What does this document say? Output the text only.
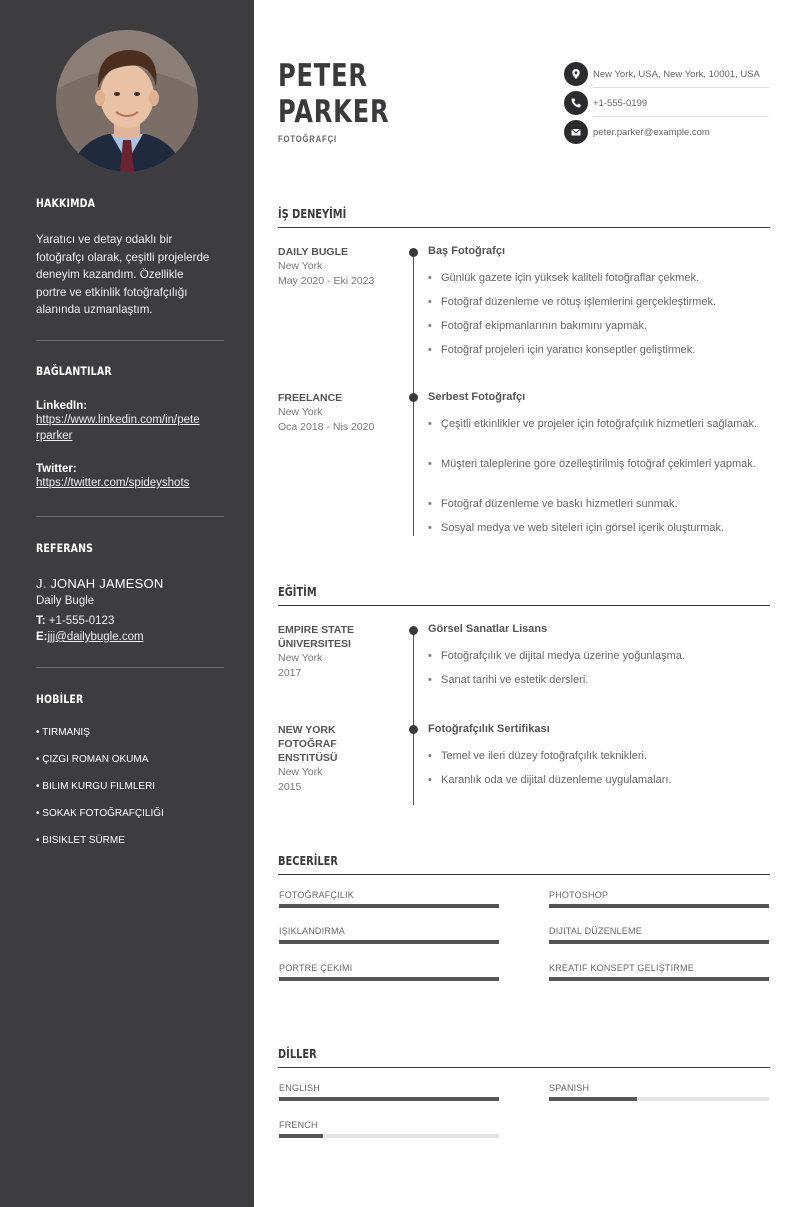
HAKKIMDA
Yaratıcı ve detay odaklı bir
fotoğrafçı olarak, çeşitli projelerde
deneyim kazandım. Özellikle
portre ve etkinlik fotoğrafçılığı
alanında uzmanlaştım.
BAĞLANTILAR
LinkedIn:
https://www.linkedin.com/in/pete
rparker
Twitter:
https://twitter.com/spideyshots
REFERANS
J. JONAH JAMESON
Daily Bugle
T: +1-555-0123
E:jjj@dailybugle.com
HOBİLER
• TIRMANIŞ
• ÇIZGI ROMAN OKUMA
• BILIM KURGU FILMLERI
• SOKAK FOTOĞRAFÇILIĞI
• BISIKLET SÜRME
PETER
PARKER
FOTOĞRAFÇI
New York, USA, New York, 10001, USA
+1-555-0199
peter.parker@example.com
İŞ DENEYİMİ
DAILY BUGLE
New York
May 2020 - Eki 2023
Baş Fotoğrafçı
• Günlük gazete için yüksek kaliteli fotoğraflar çekmek.
• Fotoğraf düzenleme ve rötuş işlemlerini gerçekleştirmek.
• Fotoğraf ekipmanlarının bakımını yapmak.
• Fotoğraf projeleri için yaratıcı konseptler geliştirmek.
FREELANCE
New York
Oca 2018 - Nis 2020
Serbest Fotoğrafçı
• Çeşitli etkinlikler ve projeler için fotoğrafçılık hizmetleri sağlamak.
• Müşteri taleplerine göre özelleştirilmiş fotoğraf çekimleri yapmak.
• Fotoğraf düzenleme ve baskı hizmetleri sunmak.
• Sosyal medya ve web siteleri için görsel içerik oluşturmak.
EĞİTİM
EMPIRE STATE
ÜNIVERSITESI
New York
2017
Görsel Sanatlar Lisans
• Fotoğrafçılık ve dijital medya üzerine yoğunlaşma.
• Sanat tarihi ve estetik dersleri.
NEW YORK
FOTOĞRAF
ENSTITÜSÜ
New York
2015
Fotoğrafçılık Sertifikası
• Temel ve ileri düzey fotoğrafçılık teknikleri.
• Karanlık oda ve dijital düzenleme uygulamaları.
BECERİLER
FOTOĞRAFÇILIK	PHOTOSHOP
IŞIKLANDIRMA	DIJITAL DÜZENLEME
PORTRE ÇEKIMI	KREATIF KONSEPT GELIŞTIRME
DİLLER
ENGLISH	SPANISH
FRENCH
